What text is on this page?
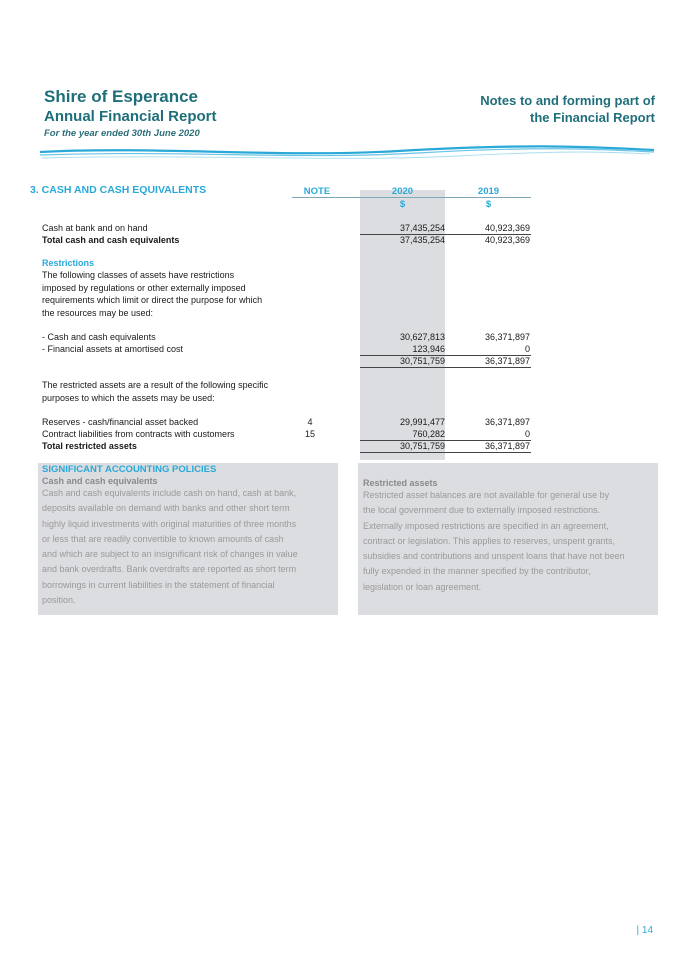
Shire of Esperance
Annual Financial Report
For the year ended 30th June 2020
Notes to and forming part of
the Financial Report
3. CASH AND CASH EQUIVALENTS	NOTE	2020	2019
$	$
Cash at bank and on hand	37,435,254	40,923,369
Total cash and cash equivalents	37,435,254	40,923,369
Restrictions
The following classes of assets have restrictions
imposed by regulations or other externally imposed
requirements which limit or direct the purpose for which
the resources may be used:
- Cash and cash equivalents	30,627,813	36,371,897
- Financial assets at amortised cost	123,946	0
30,751,759	36,371,897
The restricted assets are a result of the following specific
purposes to which the assets may be used:
Reserves - cash/financial asset backed	4	29,991,477	36,371,897
Contract liabilities from contracts with customers	15	760,282	0
Total restricted assets	30,751,759	36,371,897
SIGNIFICANT ACCOUNTING POLICIES
Cash and cash equivalents
Cash and cash equivalents include cash on hand, cash at bank,
deposits available on demand with banks and other short term
highly liquid investments with original maturities of three months
or less that are readily convertible to known amounts of cash
and which are subject to an insignificant risk of changes in value
and bank overdrafts. Bank overdrafts are reported as short term
borrowings in current liabilities in the statement of financial
position.
Restricted assets
Restricted asset balances are not available for general use by
the local government due to externally imposed restrictions.
Externally imposed restrictions are specified in an agreement,
contract or legislation. This applies to reserves, unspent grants,
subsidies and contributions and unspent loans that have not been
fully expended in the manner specified by the contributor,
legislation or loan agreement.
| 14
